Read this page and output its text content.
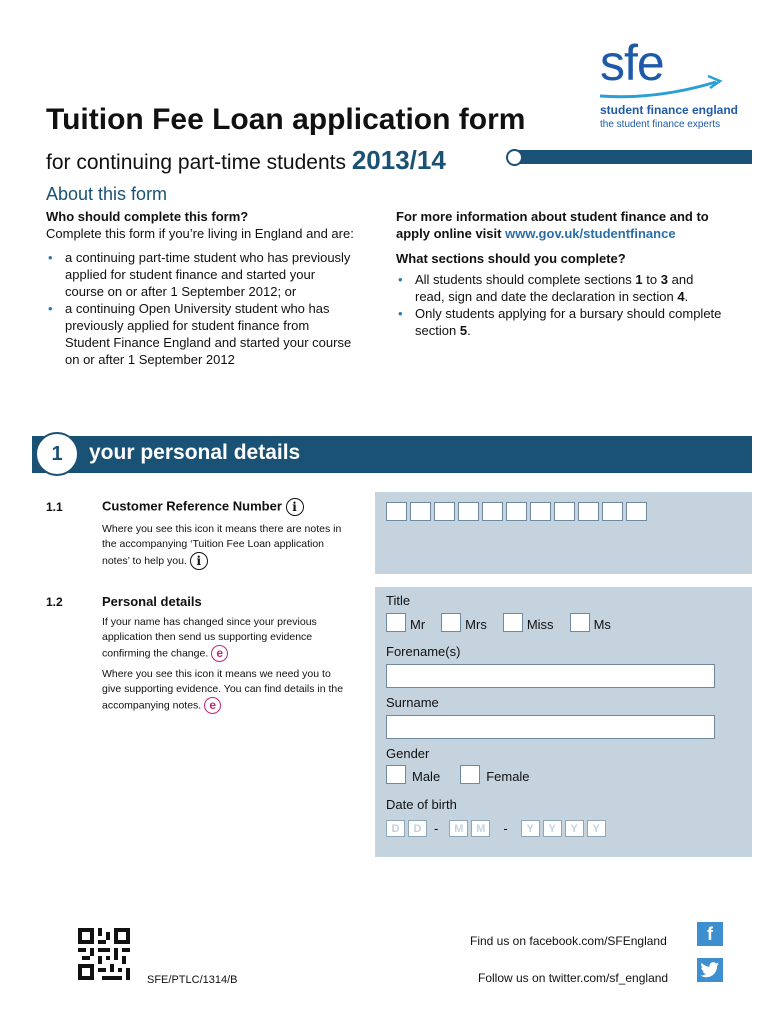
sfe
student finance england
the student finance experts
Tuition Fee Loan application form
for continuing part-time students 2013/14
About this form
Who should complete this form?
Complete this form if you’re living in England and are:
• a continuing part-time student who has previously applied for student finance and started your course on or after 1 September 2012; or
• a continuing Open University student who has previously applied for student finance from Student Finance England and started your course on or after 1 September 2012
For more information about student finance and to apply online visit www.gov.uk/studentfinance
What sections should you complete?
• All students should complete sections 1 to 3 and read, sign and date the declaration in section 4.
• Only students applying for a bursary should complete section 5.
1	your personal details
1.1	Customer Reference Number i
Where you see this icon it means there are notes in the accompanying ‘Tuition Fee Loan application notes’ to help you. i
1.2	Personal details
If your name has changed since your previous application then send us supporting evidence confirming the change. e
Where you see this icon it means we need you to give supporting evidence. You can find details in the accompanying notes. e
Title
Mr	Mrs	Miss	Ms
Forename(s)
Surname
Gender
Male	Female
Date of birth
D	D -	M	M	-	Y	Y	Y	Y
SFE/PTLC/1314/B
Find us on facebook.com/SFEngland	f
Follow us on twitter.com/sf_england
